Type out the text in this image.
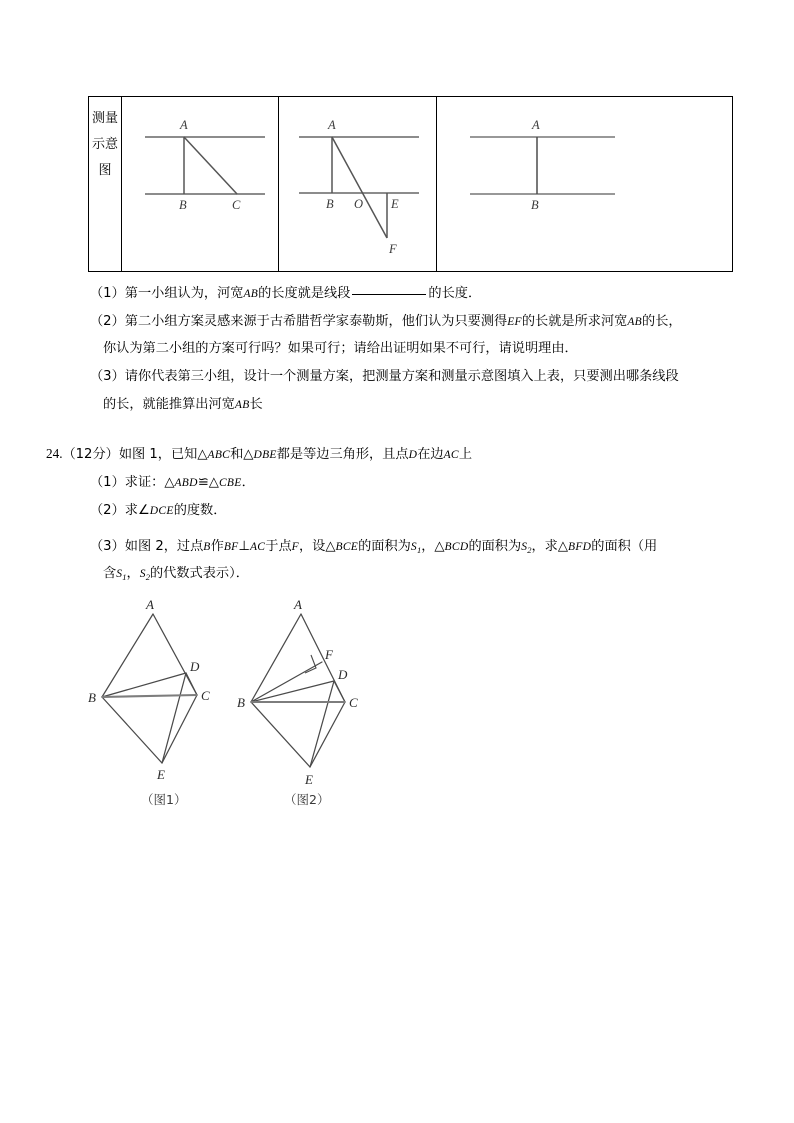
测量
示意
图

A
B	C

A
B O E
F

A
B
（1）第一小组认为，河宽AB的长度就是线段	的长度．
（2）第二小组方案灵感来源于古希腊哲学家泰勒斯，他们认为只要测得EF的长就是所求河宽AB的长，
你认为第二小组的方案可行吗？如果可行；请给出证明如果不可行，请说明理由．
（3）请你代表第三小组，设计一个测量方案，把测量方案和测量示意图填入上表，只要测出哪条线段
的长，就能推算出河宽AB长
24.（12分）如图 1，已知△ABC和△DBE都是等边三角形，且点D在边AC上
（1）求证：△ABD≌△CBE．
（2）求∠DCE的度数．
（3）如图 2，过点B作BF⊥AC于点F，设△BCE的面积为$S_1$，△BCD的面积为$S_2$，求△BFD的面积（用
含$S_1$，$S_2$的代数式表示）．
A
B	C
D
E
A
B	C
D
E
F
（图1）	（图2）
